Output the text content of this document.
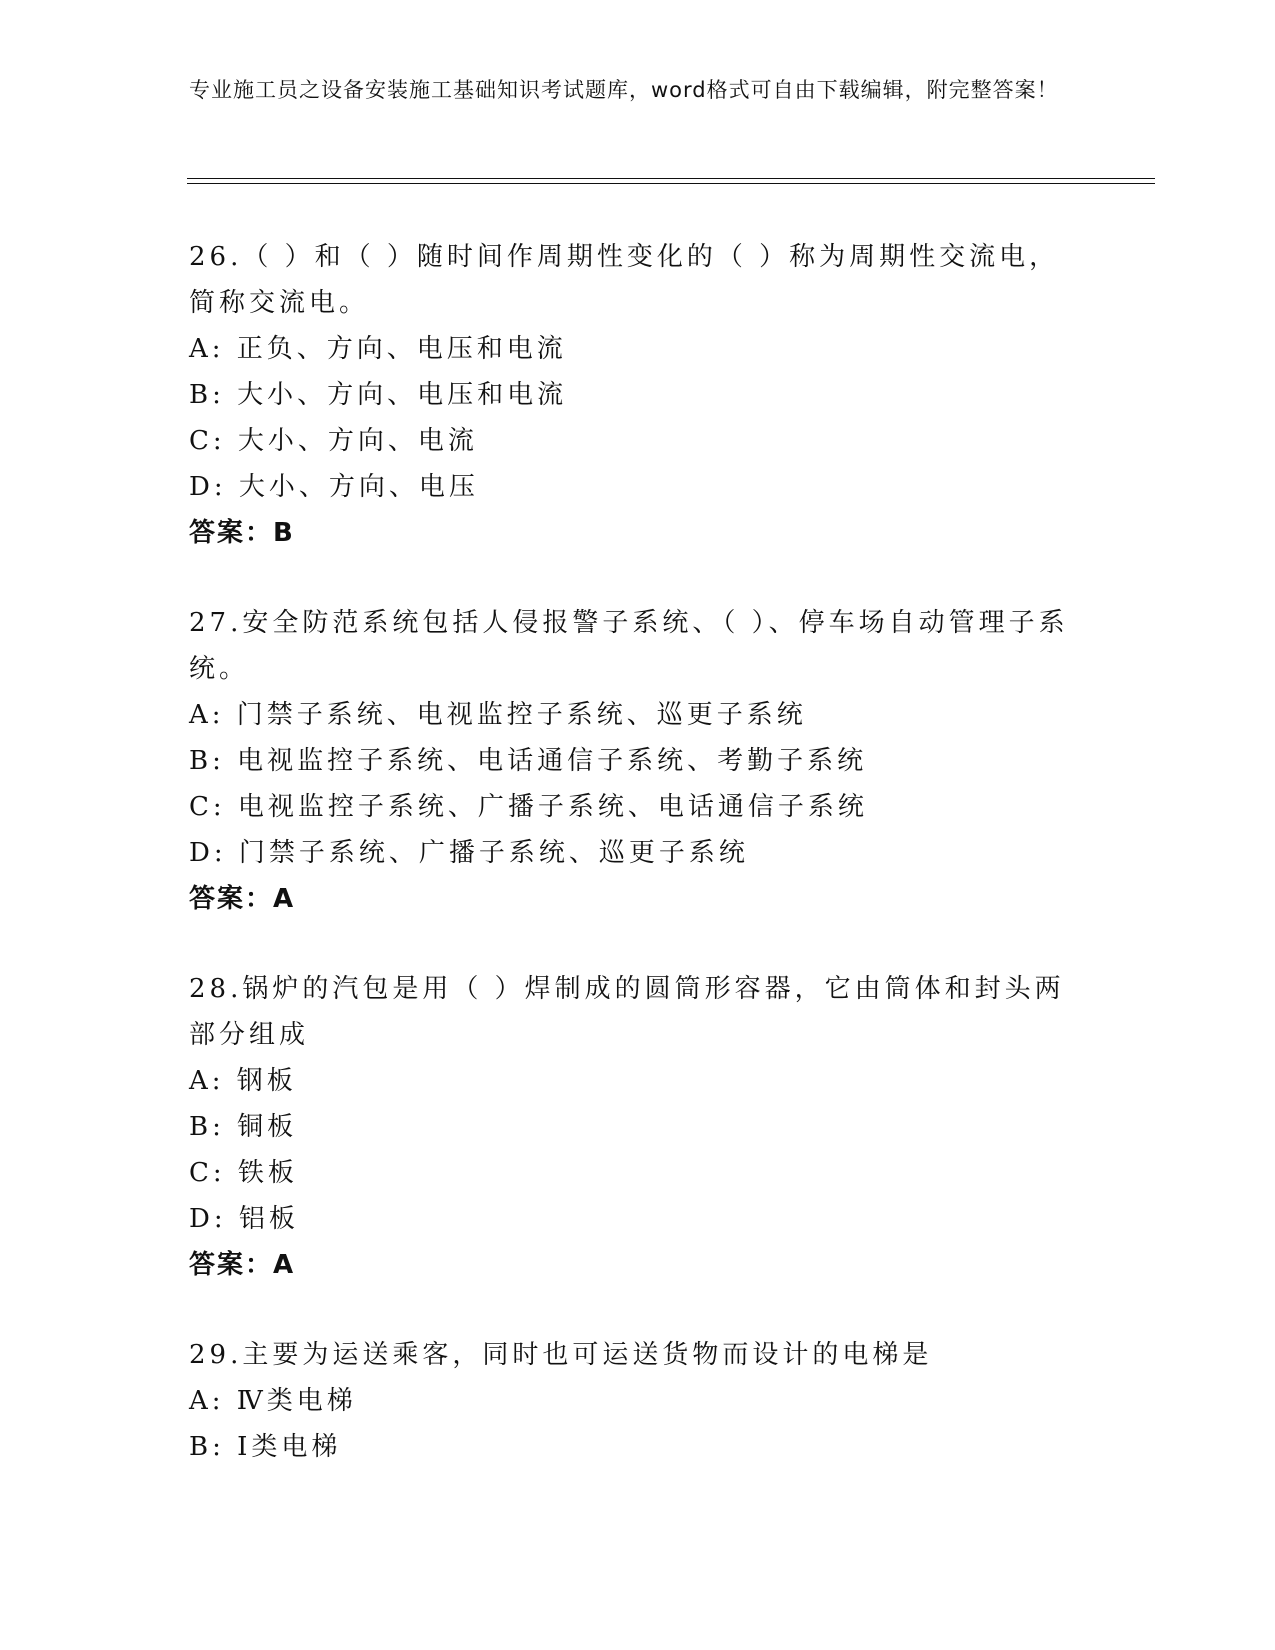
专业施工员之设备安装施工基础知识考试题库，word格式可自由下载编辑，附完整答案！

26.（ ）和（ ）随时间作周期性变化的（ ）称为周期性交流电，简称交流电。

A: 正负、方向、电压和电流

B: 大小、方向、电压和电流

C: 大小、方向、电流

D: 大小、方向、电压

答案：B

27.安全防范系统包括人侵报警子系统、（ ）、停车场自动管理子系统。

A: 门禁子系统、电视监控子系统、巡更子系统

B: 电视监控子系统、电话通信子系统、考勤子系统

C: 电视监控子系统、广播子系统、电话通信子系统

D: 门禁子系统、广播子系统、巡更子系统

答案：A

28.锅炉的汽包是用（ ）焊制成的圆筒形容器，它由筒体和封头两部分组成

A: 钢板

B: 铜板

C: 铁板

D: 铝板

答案：A

29.主要为运送乘客，同时也可运送货物而设计的电梯是

A: Ⅳ类电梯

B: Ⅰ类电梯
